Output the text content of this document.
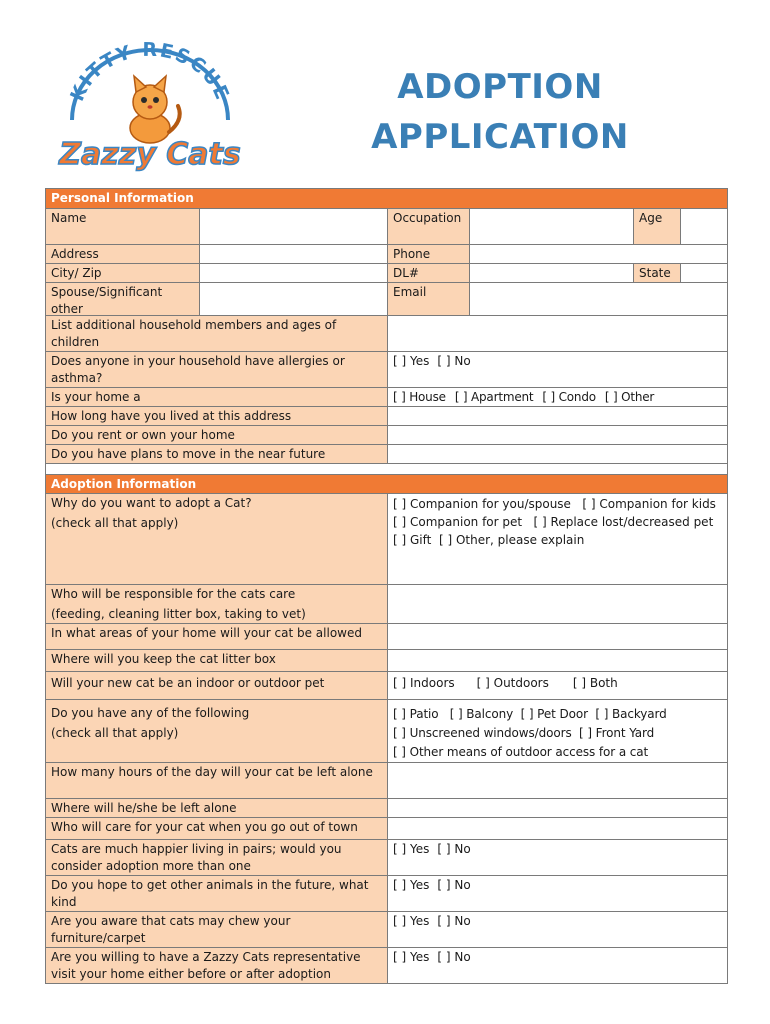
KITTY RESCUE
Zazzy Cats
ADOPTION
APPLICATION
Personal Information					
Name		Occupation		Age	
Address		Phone			
City/ Zip		DL#		State	
Spouse/Significant other		Email			
List additional household members and ages of children	
Does anyone in your household have allergies or asthma?	[ ] Yes [ ] No
Is your home a	[ ] House [ ] Apartment [ ] Condo [ ] Other
How long have you lived at this address	
Do you rent or own your home	
Do you have plans to move in the near future	

Adoption Information	

Why do you want to adopt a Cat?
(check all that apply)	[ ] Companion for you/spouse [ ] Companion for kids
[ ] Companion for pet [ ] Replace lost/decreased pet
[ ] Gift [ ] Other, please explain

Who will be responsible for the cats care
(feeding, cleaning litter box, taking to vet)	

In what areas of your home will your cat be allowed	
Where will you keep the cat litter box	
Will your new cat be an indoor or outdoor pet	[ ] Indoors [ ] Outdoors [ ] Both

Do you have any of the following
(check all that apply)	[ ] Patio [ ] Balcony [ ] Pet Door [ ] Backyard
[ ] Unscreened windows/doors [ ] Front Yard
[ ] Other means of outdoor access for a cat
How many hours of the day will your cat be left alone	
Where will he/she be left alone	
Who will care for your cat when you go out of town	
Cats are much happier living in pairs; would you consider adoption more than one	[ ] Yes [ ] No
Do you hope to get other animals in the future, what kind	[ ] Yes [ ] No
Are you aware that cats may chew your furniture/carpet	[ ] Yes [ ] No
Are you willing to have a Zazzy Cats representative visit your home either before or after adoption	[ ] Yes [ ] No
